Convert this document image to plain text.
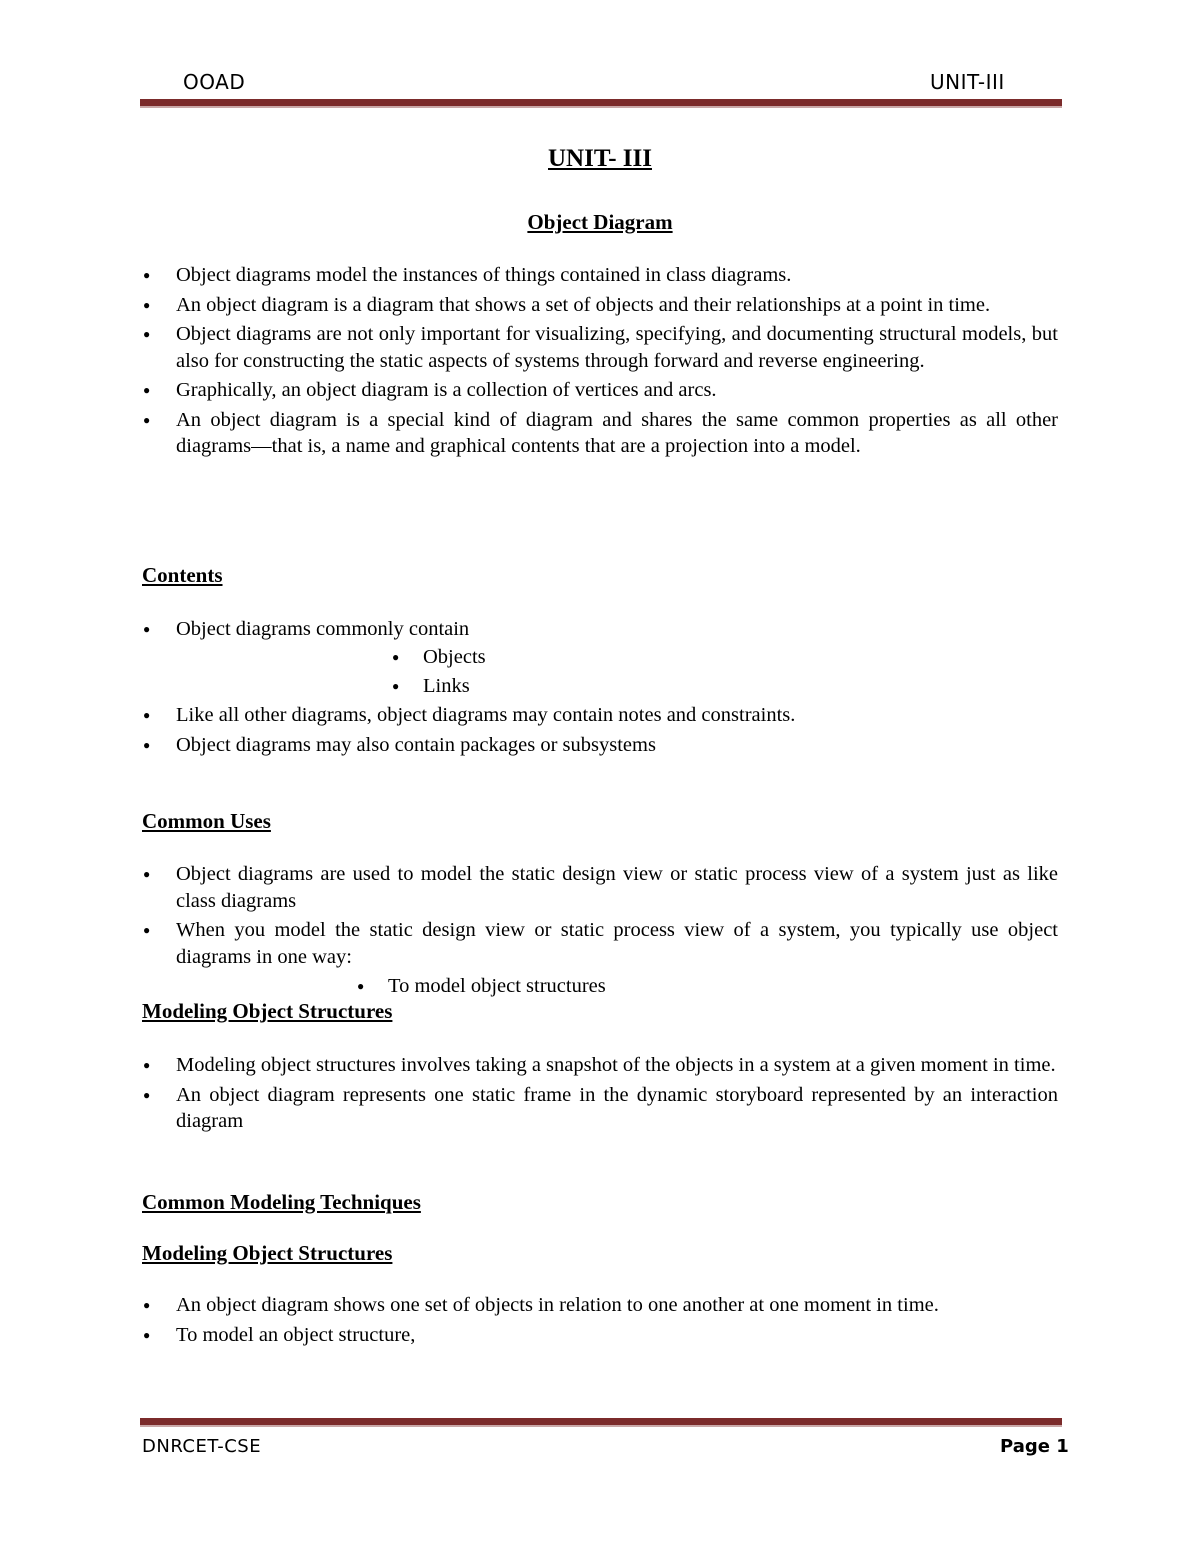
OOAD	UNIT-III
UNIT- III
Object Diagram
● Object diagrams model the instances of things contained in class diagrams.
● An object diagram is a diagram that shows a set of objects and their relationships at a point in time.
● Object diagrams are not only important for visualizing, specifying, and documenting structural models, but also for constructing the static aspects of systems through forward and reverse engineering.
● Graphically, an object diagram is a collection of vertices and arcs.
● An object diagram is a special kind of diagram and shares the same common properties as all other diagrams—that is, a name and graphical contents that are a projection into a model.
Contents
● Object diagrams commonly contain
● Objects
● Links
● Like all other diagrams, object diagrams may contain notes and constraints.
● Object diagrams may also contain packages or subsystems
Common Uses
● Object diagrams are used to model the static design view or static process view of a system just as like class diagrams
● When you model the static design view or static process view of a system, you typically use object diagrams in one way:
● To model object structures
Modeling Object Structures
● Modeling object structures involves taking a snapshot of the objects in a system at a given moment in time.
● An object diagram represents one static frame in the dynamic storyboard represented by an interaction diagram
Common Modeling Techniques
Modeling Object Structures
● An object diagram shows one set of objects in relation to one another at one moment in time.
● To model an object structure,
DNRCET-CSE	Page 1
